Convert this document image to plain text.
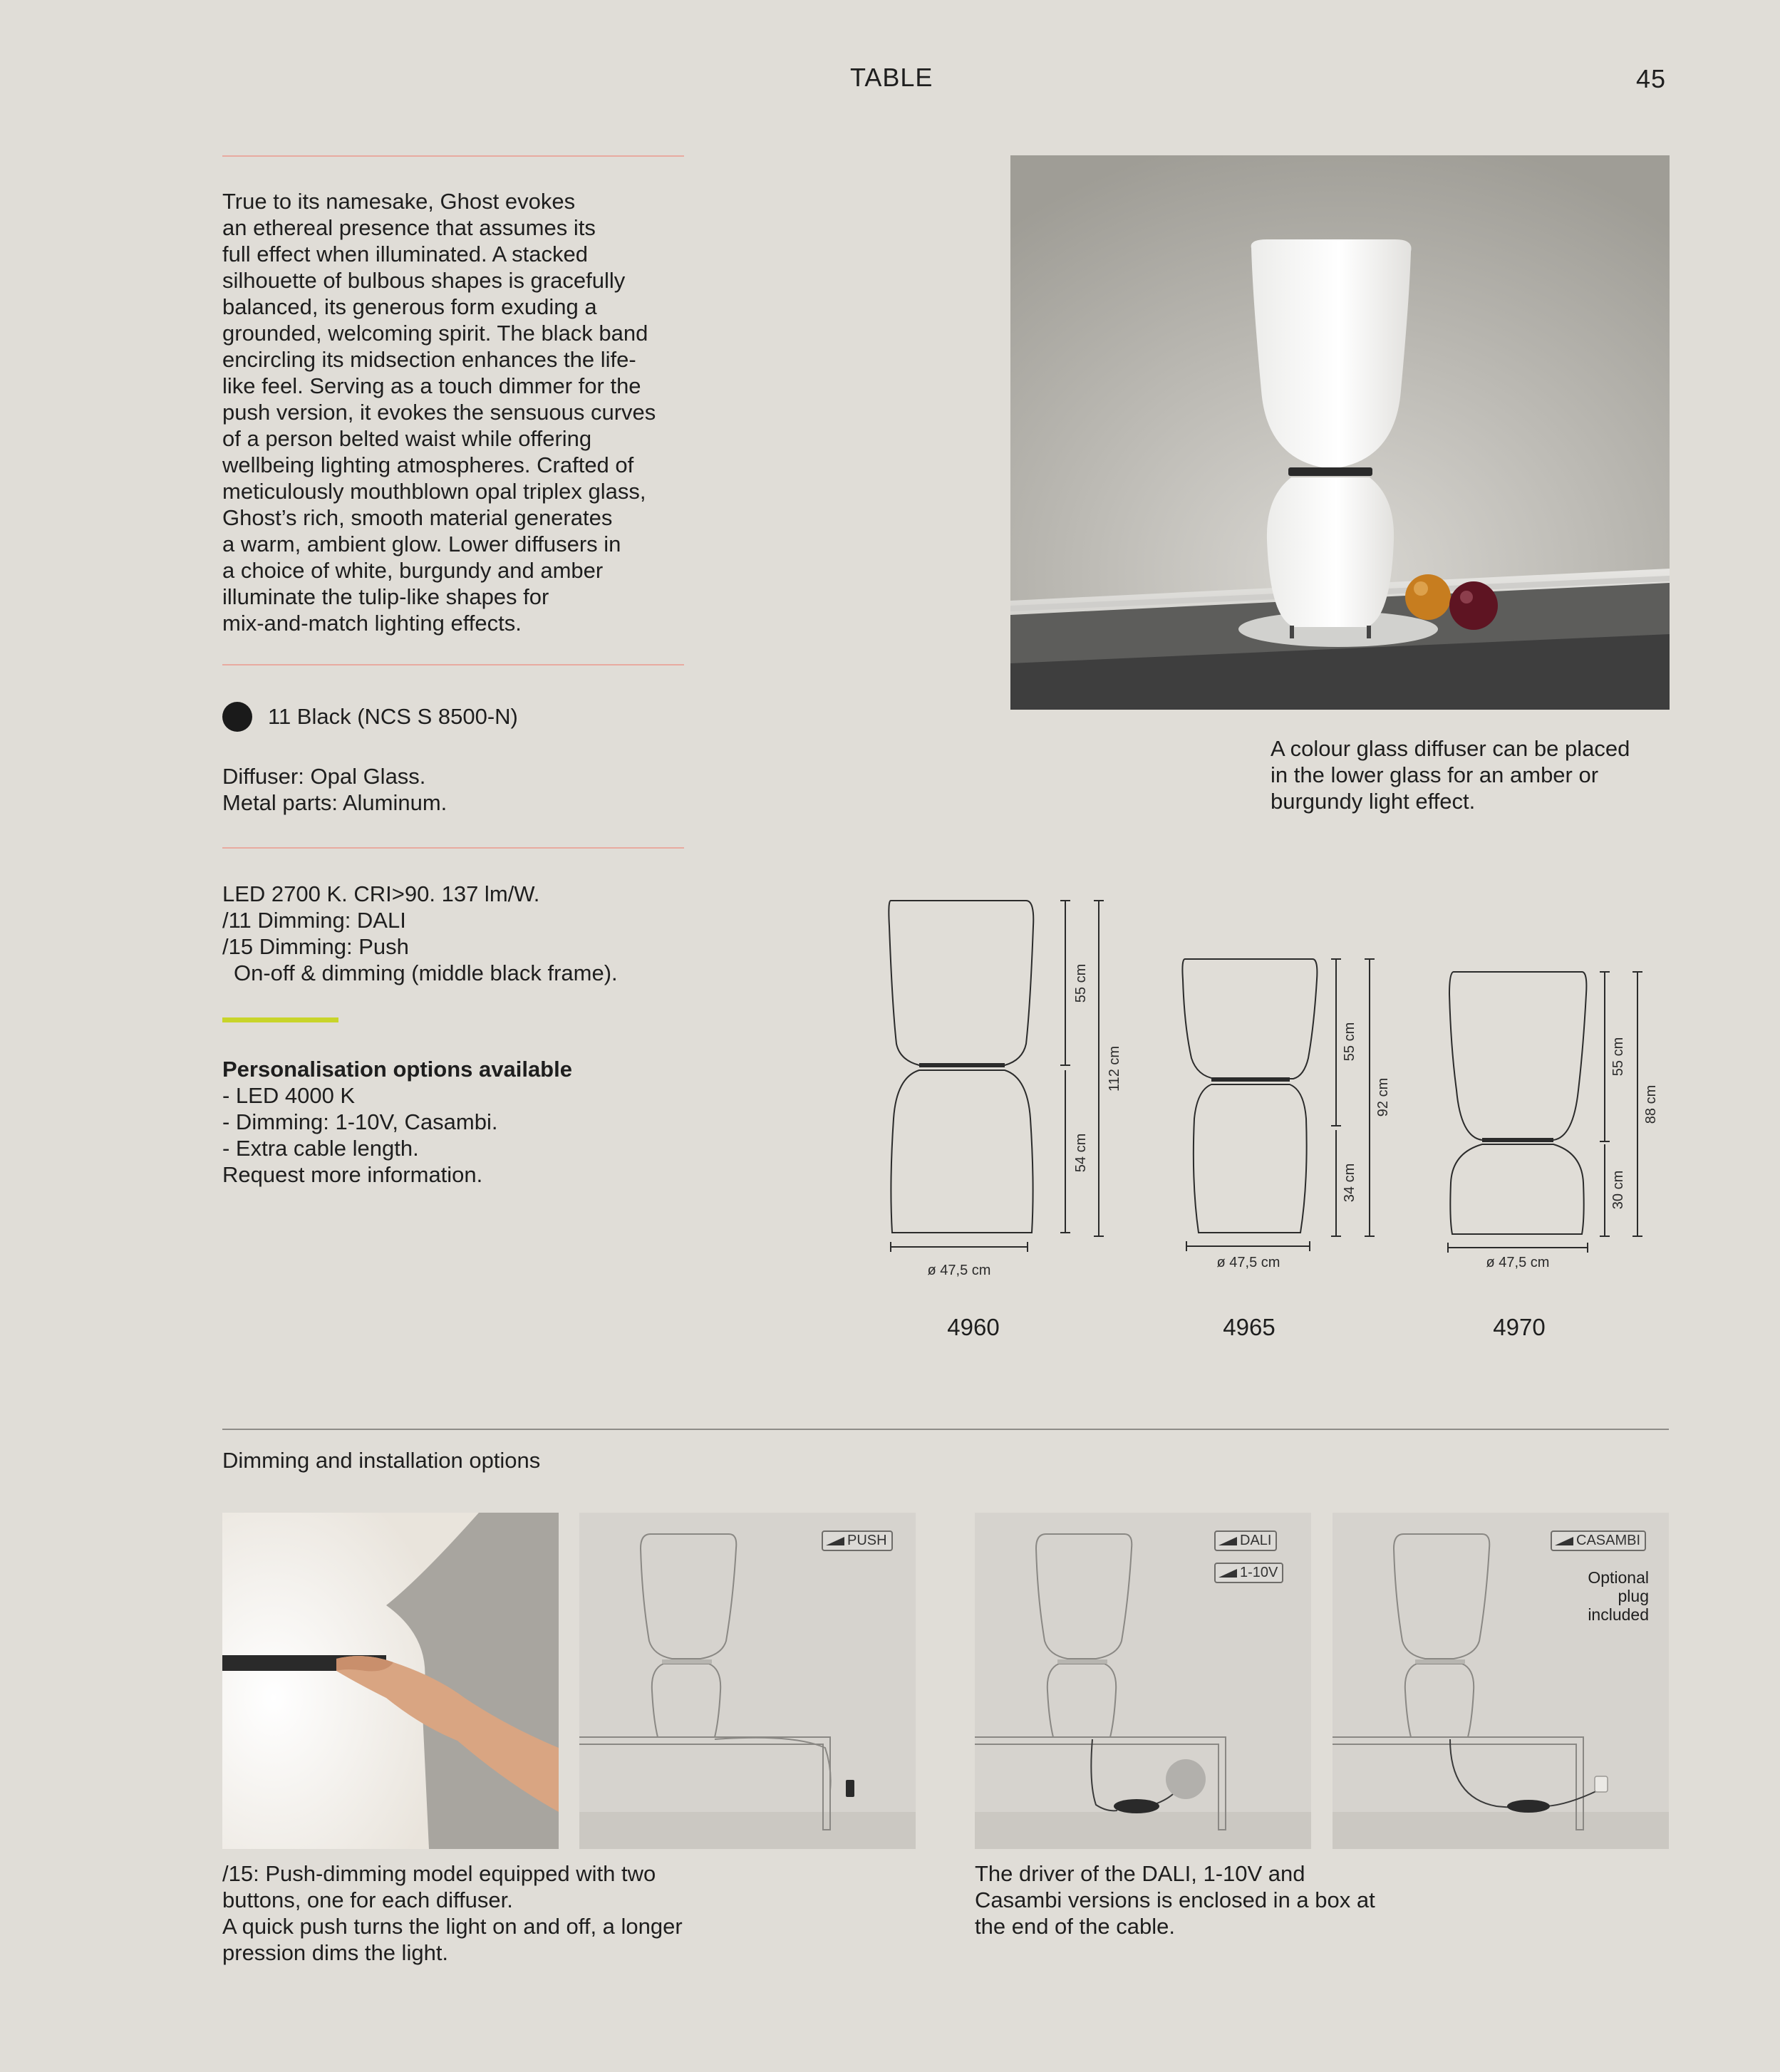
TABLE	45
True to its namesake, Ghost evokes
an ethereal presence that assumes its
full effect when illuminated. A stacked
silhouette of bulbous shapes is gracefully
balanced, its generous form exuding a
grounded, welcoming spirit. The black band
encircling its midsection enhances the life-
like feel. Serving as a touch dimmer for the
push version, it evokes the sensuous curves
of a person belted waist while offering
wellbeing lighting atmospheres. Crafted of
meticulously mouthblown opal triplex glass,
Ghost’s rich, smooth material generates
a warm, ambient glow. Lower diffusers in
a choice of white, burgundy and amber
illuminate the tulip-like shapes for
mix-and-match lighting effects.
11 Black (NCS S 8500-N)
Diffuser: Opal Glass.
Metal parts: Aluminum.
LED 2700 K. CRI>90. 137 lm/W.
/11 Dimming: DALI
/15 Dimming: Push
On-off & dimming (middle black frame).
Personalisation options available
- LED 4000 K
- Dimming: 1-10V, Casambi.
- Extra cable length.
Request more information.
A colour glass diffuser can be placed
in the lower glass for an amber or
burgundy light effect.
55 cm
54 cm
112 cm
ø 47,5 cm
55 cm
34 cm
92 cm
ø 47,5 cm
55 cm
30 cm
88 cm
ø 47,5 cm
4960	4965	4970
Dimming and installation options
PUSH	DALI
1-10V
CASAMBI
Optional
plug
included
/15: Push-dimming model equipped with two
buttons, one for each diffuser.
A quick push turns the light on and off, a longer
pression dims the light.
The driver of the DALI, 1-10V and
Casambi versions is enclosed in a box at
the end of the cable.
